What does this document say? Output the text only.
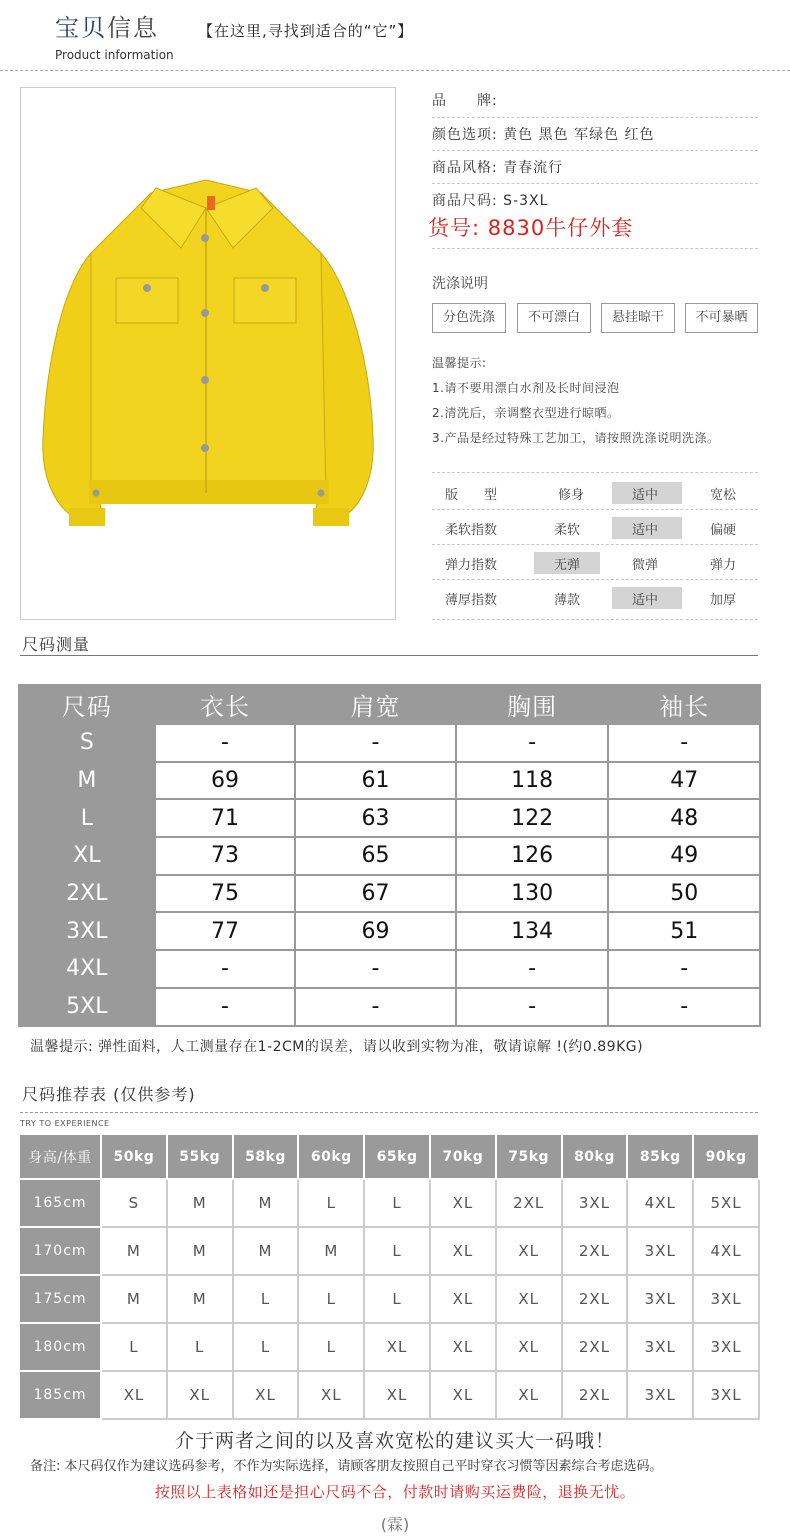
宝贝信息	【在这里,寻找到适合的“它”】
Product information
品　　牌:
颜色选项: 黄色 黑色 军绿色 红色
商品风格: 青春流行
商品尺码: S-3XL
货号: 8830牛仔外套
洗涤说明
分色洗涤	不可漂白	悬挂晾干	不可暴晒
温馨提示:
1.请不要用漂白水剂及长时间浸泡
2.清洗后，亲调整衣型进行晾晒。
3.产品是经过特殊工艺加工，请按照洗涤说明洗涤。
版　　型	修身	适中	宽松
柔软指数	柔软	适中	偏硬
弹力指数	无弹	微弹	弹力
薄厚指数	薄款	适中	加厚
尺码测量
尺码	衣长	肩宽	胸围	袖长
S	-	-	-	-
M	69	61	118	47
L	71	63	122	48
XL	73	65	126	49
2XL	75	67	130	50
3XL	77	69	134	51
4XL	-	-	-	-
5XL	-	-	-	-
温馨提示: 弹性面料，人工测量存在1-2CM的误差，请以收到实物为准，敬请谅解 !(约0.89KG)
尺码推荐表 (仅供参考)
TRY TO EXPERIENCE
身高/体重	50kg	55kg	58kg	60kg	65kg	70kg	75kg	80kg	85kg	90kg
165cm	S	M	M	L	L	XL	2XL	3XL	4XL	5XL
170cm	M	M	M	M	L	XL	XL	2XL	3XL	4XL
175cm	M	M	L	L	L	XL	XL	2XL	3XL	3XL
180cm	L	L	L	L	XL	XL	XL	2XL	3XL	3XL
185cm	XL	XL	XL	XL	XL	XL	XL	2XL	3XL	3XL
介于两者之间的以及喜欢宽松的建议买大一码哦！
备注: 本尺码仅作为建议选码参考，不作为实际选择，请顾客朋友按照自己平时穿衣习惯等因素综合考虑选码。
按照以上表格如还是担心尺码不合，付款时请购买运费险，退换无忧。
(霖)
